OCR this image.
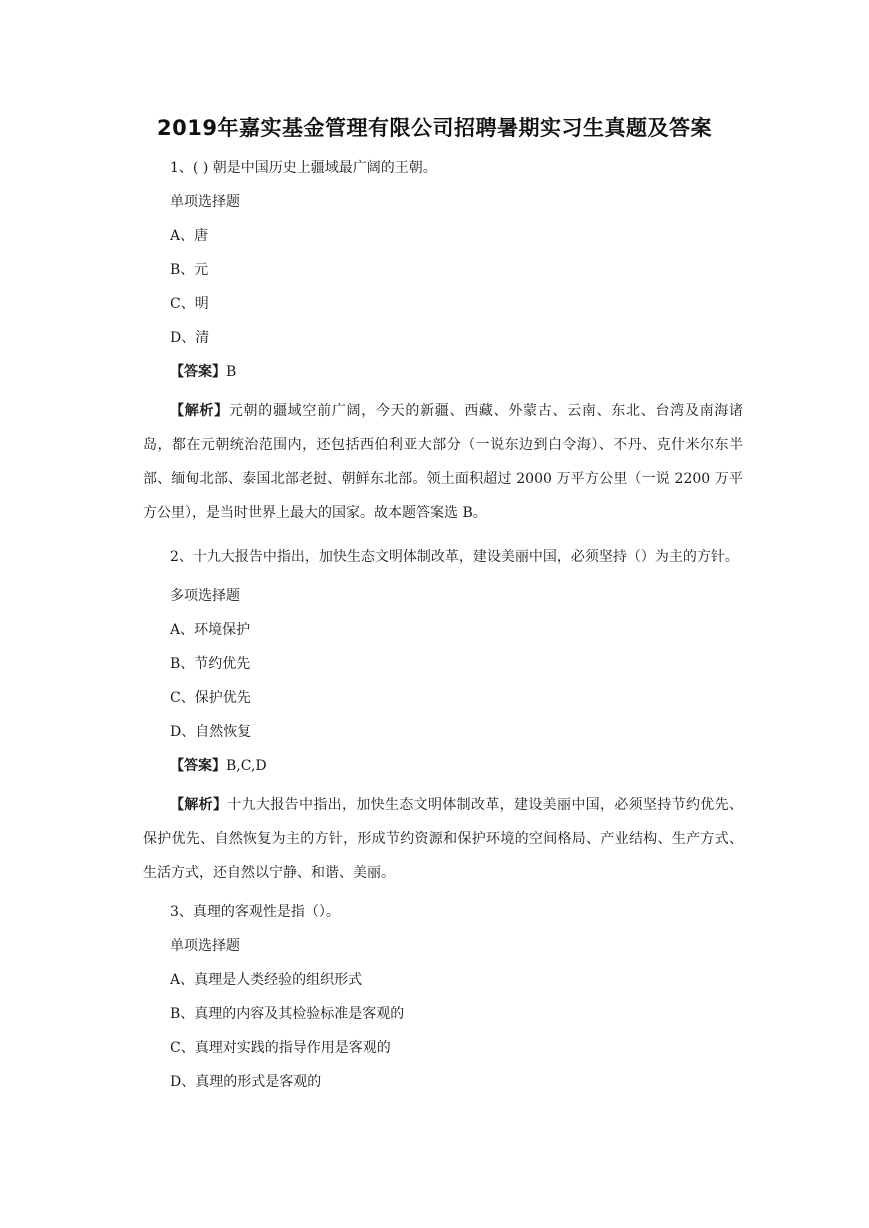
2019年嘉实基金管理有限公司招聘暑期实习生真题及答案

1、( ) 朝是中国历史上疆域最广阔的王朝。

单项选择题

A、唐

B、元

C、明

D、清

【答案】B

【解析】元朝的疆域空前广阔，今天的新疆、西藏、外蒙古、云南、东北、台湾及南海诸岛，都在元朝统治范围内，还包括西伯利亚大部分（一说东边到白令海）、不丹、克什米尔东半部、缅甸北部、泰国北部老挝、朝鲜东北部。领土面积超过 2000 万平方公里（一说 2200 万平方公里），是当时世界上最大的国家。故本题答案选 B。

2、十九大报告中指出，加快生态文明体制改革，建设美丽中国，必须坚持（）为主的方针。

多项选择题

A、环境保护

B、节约优先

C、保护优先

D、自然恢复

【答案】B,C,D

【解析】十九大报告中指出，加快生态文明体制改革，建设美丽中国，必须坚持节约优先、保护优先、自然恢复为主的方针，形成节约资源和保护环境的空间格局、产业结构、生产方式、生活方式，还自然以宁静、和谐、美丽。

3、真理的客观性是指（）。

单项选择题

A、真理是人类经验的组织形式

B、真理的内容及其检验标准是客观的

C、真理对实践的指导作用是客观的

D、真理的形式是客观的
